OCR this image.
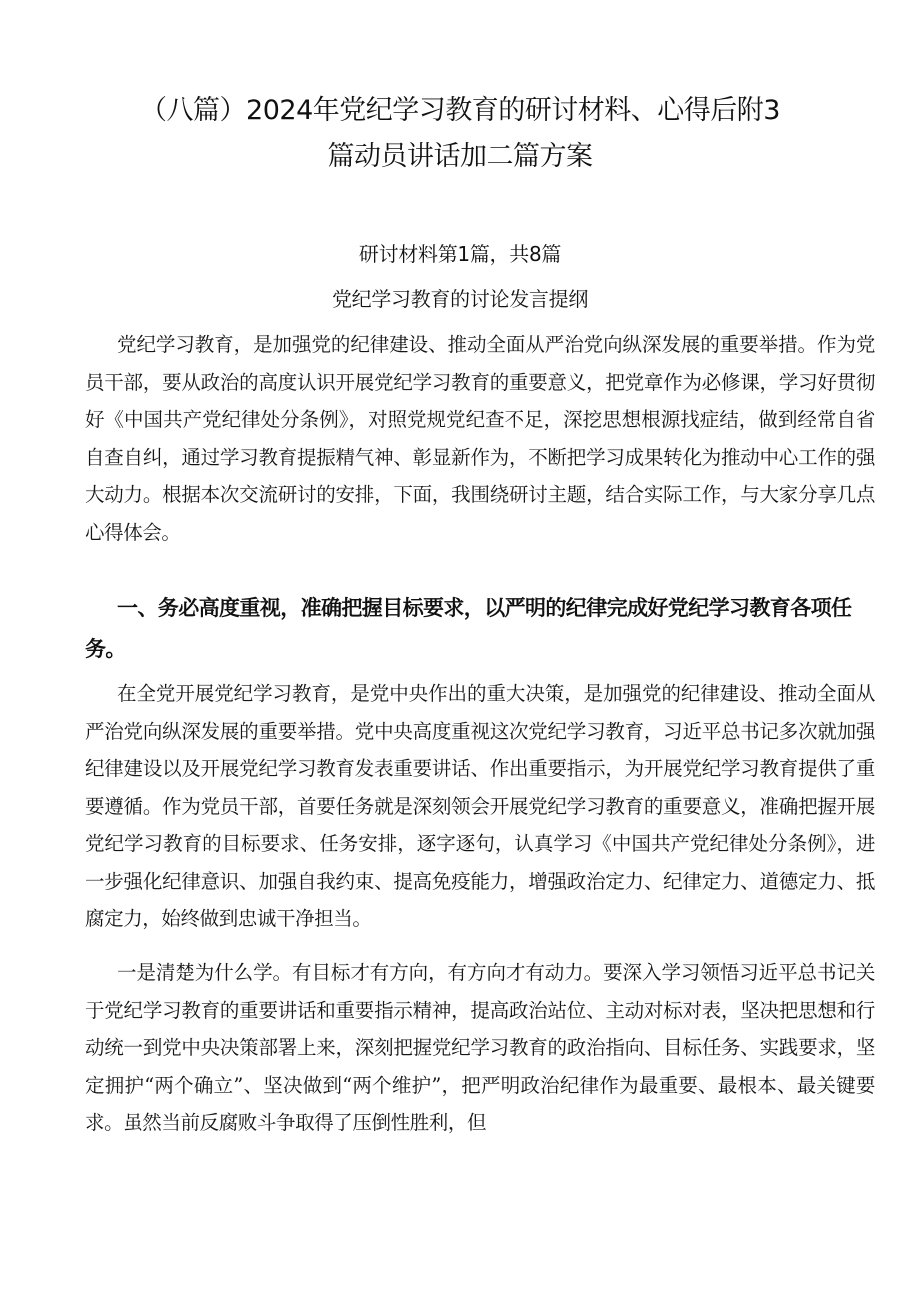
（八篇）2024年党纪学习教育的研讨材料、心得后附3
篇动员讲话加二篇方案
研讨材料第1篇，共8篇
党纪学习教育的讨论发言提纲

党纪学习教育，是加强党的纪律建设、推动全面从严治党向纵深发展的重要举措。作为党员干部，要从政治的高度认识开展党纪学习教育的重要意义，把党章作为必修课，学习好贯彻好《中国共产党纪律处分条例》，对照党规党纪查不足，深挖思想根源找症结，做到经常自省自查自纠，通过学习教育提振精气神、彰显新作为，不断把学习成果转化为推动中心工作的强大动力。根据本次交流研讨的安排，下面，我围绕研讨主题，结合实际工作，与大家分享几点心得体会。

一、务必高度重视，准确把握目标要求，以严明的纪律完成好党纪学习教育各项任务。

在全党开展党纪学习教育，是党中央作出的重大决策，是加强党的纪律建设、推动全面从严治党向纵深发展的重要举措。党中央高度重视这次党纪学习教育，习近平总书记多次就加强纪律建设以及开展党纪学习教育发表重要讲话、作出重要指示，为开展党纪学习教育提供了重要遵循。作为党员干部，首要任务就是深刻领会开展党纪学习教育的重要意义，准确把握开展党纪学习教育的目标要求、任务安排，逐字逐句，认真学习《中国共产党纪律处分条例》，进一步强化纪律意识、加强自我约束、提高免疫能力，增强政治定力、纪律定力、道德定力、抵腐定力，始终做到忠诚干净担当。

一是清楚为什么学。有目标才有方向，有方向才有动力。要深入学习领悟习近平总书记关于党纪学习教育的重要讲话和重要指示精神，提高政治站位、主动对标对表，坚决把思想和行动统一到党中央决策部署上来，深刻把握党纪学习教育的政治指向、目标任务、实践要求，坚定拥护“两个确立”、坚决做到“两个维护”，把严明政治纪律作为最重要、最根本、最关键要求。虽然当前反腐败斗争取得了压倒性胜利，但
